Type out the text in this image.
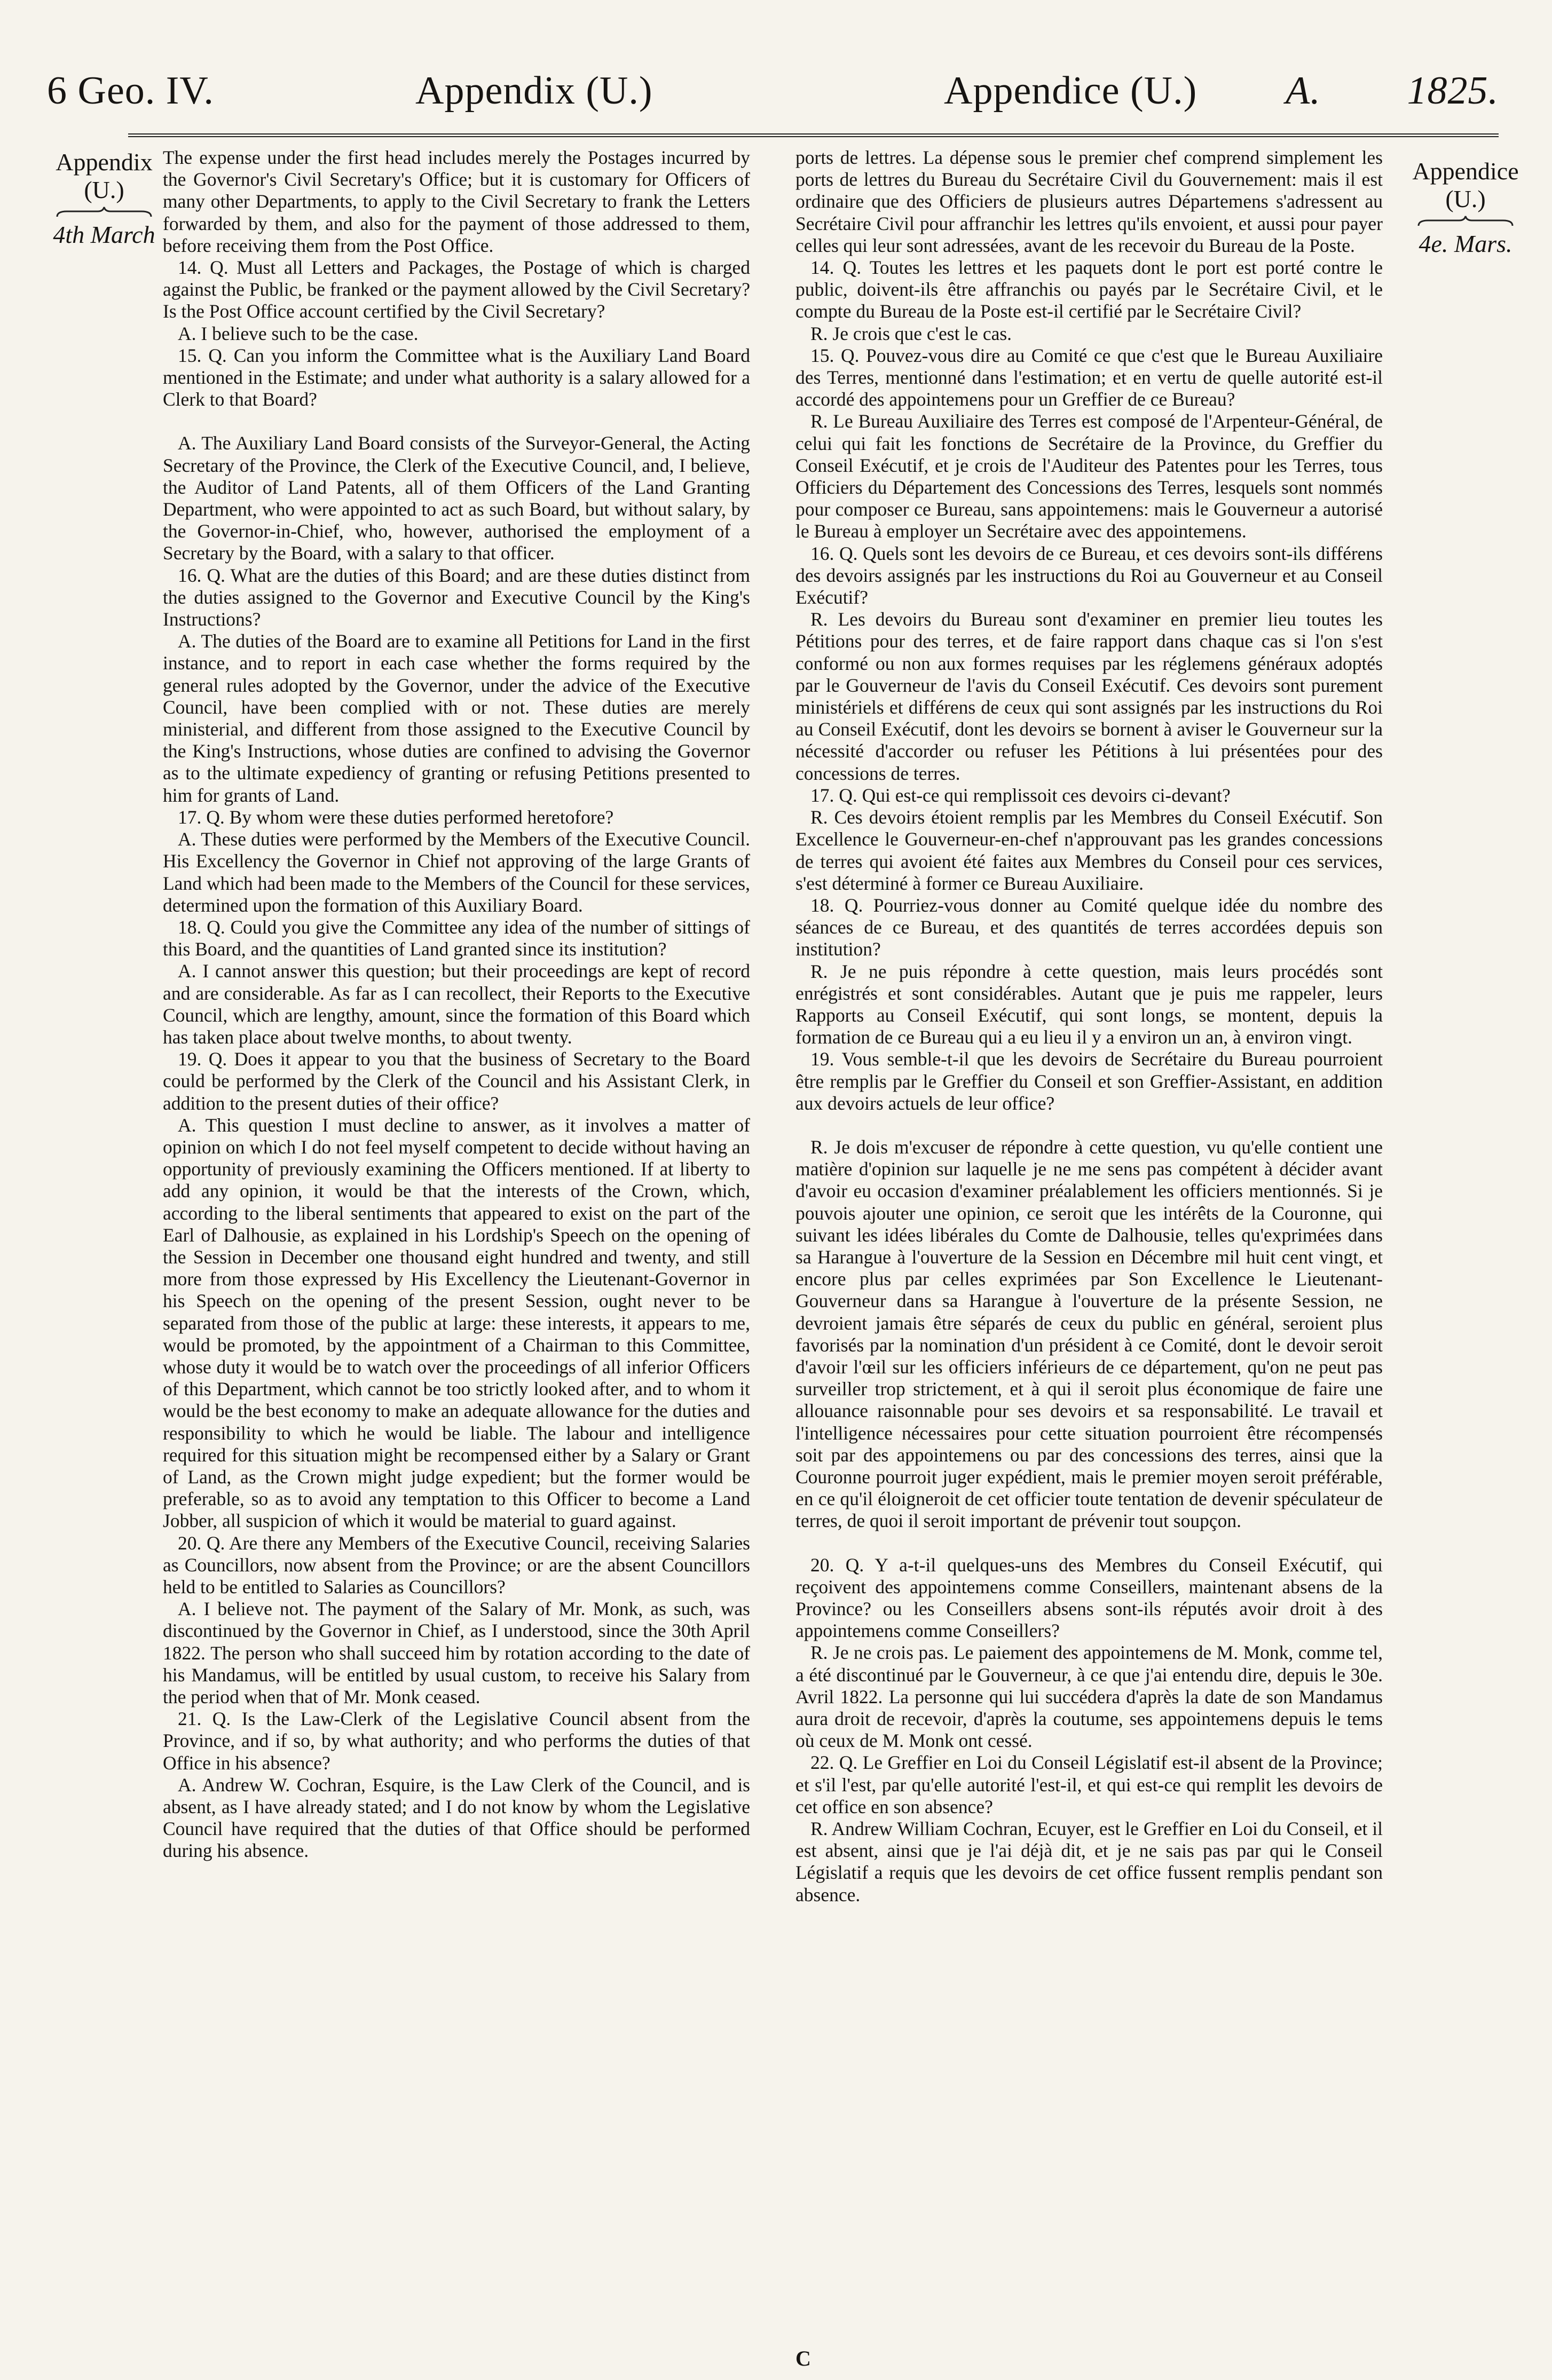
6 Geo. IV.	Appendix (U.)	Appendice (U.) A. 1825.
Appendix
(U.)
4th March
Appendice
(U.)
4e. Mars.

The expense under the first head includes merely the Postages incurred by the Governor's Civil Secretary's Office; but it is customary for Officers of many other Departments, to apply to the Civil Secretary to frank the Letters forwarded by them, and also for the payment of those addressed to them, before receiving them from the Post Office.

14. Q. Must all Letters and Packages, the Postage of which is charged against the Public, be franked or the payment allowed by the Civil Secretary? Is the Post Office account certified by the Civil Secretary?

A. I believe such to be the case.

15. Q. Can you inform the Committee what is the Auxiliary Land Board mentioned in the Estimate; and under what authority is a salary allowed for a Clerk to that Board?

A. The Auxiliary Land Board consists of the Surveyor-General, the Acting Secretary of the Province, the Clerk of the Executive Council, and, I believe, the Auditor of Land Patents, all of them Officers of the Land Granting Department, who were appointed to act as such Board, but without salary, by the Governor-in-Chief, who, however, authorised the employment of a Secretary by the Board, with a salary to that officer.

16. Q. What are the duties of this Board; and are these duties distinct from the duties assigned to the Governor and Executive Council by the King's Instructions?

A. The duties of the Board are to examine all Petitions for Land in the first instance, and to report in each case whether the forms required by the general rules adopted by the Governor, under the advice of the Executive Council, have been complied with or not. These duties are merely ministerial, and different from those assigned to the Executive Council by the King's Instructions, whose duties are confined to advising the Governor as to the ultimate expediency of granting or refusing Petitions presented to him for grants of Land.

17. Q. By whom were these duties performed heretofore?

A. These duties were performed by the Members of the Executive Council. His Excellency the Governor in Chief not approving of the large Grants of Land which had been made to the Members of the Council for these services, determined upon the formation of this Auxiliary Board.

18. Q. Could you give the Committee any idea of the number of sittings of this Board, and the quantities of Land granted since its institution?

A. I cannot answer this question; but their proceedings are kept of record and are considerable. As far as I can recollect, their Reports to the Executive Council, which are lengthy, amount, since the formation of this Board which has taken place about twelve months, to about twenty.

19. Q. Does it appear to you that the business of Secretary to the Board could be performed by the Clerk of the Council and his Assistant Clerk, in addition to the present duties of their office?

A. This question I must decline to answer, as it involves a matter of opinion on which I do not feel myself competent to decide without having an opportunity of previously examining the Officers mentioned. If at liberty to add any opinion, it would be that the interests of the Crown, which, according to the liberal sentiments that appeared to exist on the part of the Earl of Dalhousie, as explained in his Lordship's Speech on the opening of the Session in December one thousand eight hundred and twenty, and still more from those expressed by His Excellency the Lieutenant-Governor in his Speech on the opening of the present Session, ought never to be separated from those of the public at large: these interests, it appears to me, would be promoted, by the appointment of a Chairman to this Committee, whose duty it would be to watch over the proceedings of all inferior Officers of this Department, which cannot be too strictly looked after, and to whom it would be the best economy to make an adequate allowance for the duties and responsibility to which he would be liable. The labour and intelligence required for this situation might be recompensed either by a Salary or Grant of Land, as the Crown might judge expedient; but the former would be preferable, so as to avoid any temptation to this Officer to become a Land Jobber, all suspicion of which it would be material to guard against.

20. Q. Are there any Members of the Executive Council, receiving Salaries as Councillors, now absent from the Province; or are the absent Councillors held to be entitled to Salaries as Councillors?

A. I believe not. The payment of the Salary of Mr. Monk, as such, was discontinued by the Governor in Chief, as I understood, since the 30th April 1822. The person who shall succeed him by rotation according to the date of his Mandamus, will be entitled by usual custom, to receive his Salary from the period when that of Mr. Monk ceased.

21. Q. Is the Law-Clerk of the Legislative Council absent from the Province, and if so, by what authority; and who performs the duties of that Office in his absence?

A. Andrew W. Cochran, Esquire, is the Law Clerk of the Council, and is absent, as I have already stated; and I do not know by whom the Legislative Council have required that the duties of that Office should be performed during his absence.

ports de lettres. La dépense sous le premier chef comprend simplement les ports de lettres du Bureau du Secrétaire Civil du Gouvernement: mais il est ordinaire que des Officiers de plusieurs autres Départemens s'adressent au Secrétaire Civil pour affranchir les lettres qu'ils envoient, et aussi pour payer celles qui leur sont adressées, avant de les recevoir du Bureau de la Poste.

14. Q. Toutes les lettres et les paquets dont le port est porté contre le public, doivent-ils être affranchis ou payés par le Secrétaire Civil, et le compte du Bureau de la Poste est-il certifié par le Secrétaire Civil?

R. Je crois que c'est le cas.

15. Q. Pouvez-vous dire au Comité ce que c'est que le Bureau Auxiliaire des Terres, mentionné dans l'estimation; et en vertu de quelle autorité est-il accordé des appointemens pour un Greffier de ce Bureau?

R. Le Bureau Auxiliaire des Terres est composé de l'Arpenteur-Général, de celui qui fait les fonctions de Secrétaire de la Province, du Greffier du Conseil Exécutif, et je crois de l'Auditeur des Patentes pour les Terres, tous Officiers du Département des Concessions des Terres, lesquels sont nommés pour composer ce Bureau, sans appointemens: mais le Gouverneur a autorisé le Bureau à employer un Secrétaire avec des appointemens.

16. Q. Quels sont les devoirs de ce Bureau, et ces devoirs sont-ils différens des devoirs assignés par les instructions du Roi au Gouverneur et au Conseil Exécutif?

R. Les devoirs du Bureau sont d'examiner en premier lieu toutes les Pétitions pour des terres, et de faire rapport dans chaque cas si l'on s'est conformé ou non aux formes requises par les réglemens généraux adoptés par le Gouverneur de l'avis du Conseil Exécutif. Ces devoirs sont purement ministériels et différens de ceux qui sont assignés par les instructions du Roi au Conseil Exécutif, dont les devoirs se bornent à aviser le Gouverneur sur la nécessité d'accorder ou refuser les Pétitions à lui présentées pour des concessions de terres.

17. Q. Qui est-ce qui remplissoit ces devoirs ci-devant?

R. Ces devoirs étoient remplis par les Membres du Conseil Exécutif. Son Excellence le Gouverneur-en-chef n'approuvant pas les grandes concessions de terres qui avoient été faites aux Membres du Conseil pour ces services, s'est déterminé à former ce Bureau Auxiliaire.

18. Q. Pourriez-vous donner au Comité quelque idée du nombre des séances de ce Bureau, et des quantités de terres accordées depuis son institution?

R. Je ne puis répondre à cette question, mais leurs procédés sont enrégistrés et sont considérables. Autant que je puis me rappeler, leurs Rapports au Conseil Exécutif, qui sont longs, se montent, depuis la formation de ce Bureau qui a eu lieu il y a environ un an, à environ vingt.

19. Vous semble-t-il que les devoirs de Secrétaire du Bureau pourroient être remplis par le Greffier du Conseil et son Greffier-Assistant, en addition aux devoirs actuels de leur office?

R. Je dois m'excuser de répondre à cette question, vu qu'elle contient une matière d'opinion sur laquelle je ne me sens pas compétent à décider avant d'avoir eu occasion d'examiner préalablement les officiers mentionnés. Si je pouvois ajouter une opinion, ce seroit que les intérêts de la Couronne, qui suivant les idées libérales du Comte de Dalhousie, telles qu'exprimées dans sa Harangue à l'ouverture de la Session en Décembre mil huit cent vingt, et encore plus par celles exprimées par Son Excellence le Lieutenant-Gouverneur dans sa Harangue à l'ouverture de la présente Session, ne devroient jamais être séparés de ceux du public en général, seroient plus favorisés par la nomination d'un président à ce Comité, dont le devoir seroit d'avoir l'œil sur les officiers inférieurs de ce département, qu'on ne peut pas surveiller trop strictement, et à qui il seroit plus économique de faire une allouance raisonnable pour ses devoirs et sa responsabilité. Le travail et l'intelligence nécessaires pour cette situation pourroient être récompensés soit par des appointemens ou par des concessions des terres, ainsi que la Couronne pourroit juger expédient, mais le premier moyen seroit préférable, en ce qu'il éloigneroit de cet officier toute tentation de devenir spéculateur de terres, de quoi il seroit important de prévenir tout soupçon.

20. Q. Y a-t-il quelques-uns des Membres du Conseil Exécutif, qui reçoivent des appointemens comme Conseillers, maintenant absens de la Province? ou les Conseillers absens sont-ils réputés avoir droit à des appointemens comme Conseillers?

R. Je ne crois pas. Le paiement des appointemens de M. Monk, comme tel, a été discontinué par le Gouverneur, à ce que j'ai entendu dire, depuis le 30e. Avril 1822. La personne qui lui succédera d'après la date de son Mandamus aura droit de recevoir, d'après la coutume, ses appointemens depuis le tems où ceux de M. Monk ont cessé.

22. Q. Le Greffier en Loi du Conseil Législatif est-il absent de la Province; et s'il l'est, par qu'elle autorité l'est-il, et qui est-ce qui remplit les devoirs de cet office en son absence?

R. Andrew William Cochran, Ecuyer, est le Greffier en Loi du Conseil, et il est absent, ainsi que je l'ai déjà dit, et je ne sais pas par qui le Conseil Législatif a requis que les devoirs de cet office fussent remplis pendant son absence.

C
